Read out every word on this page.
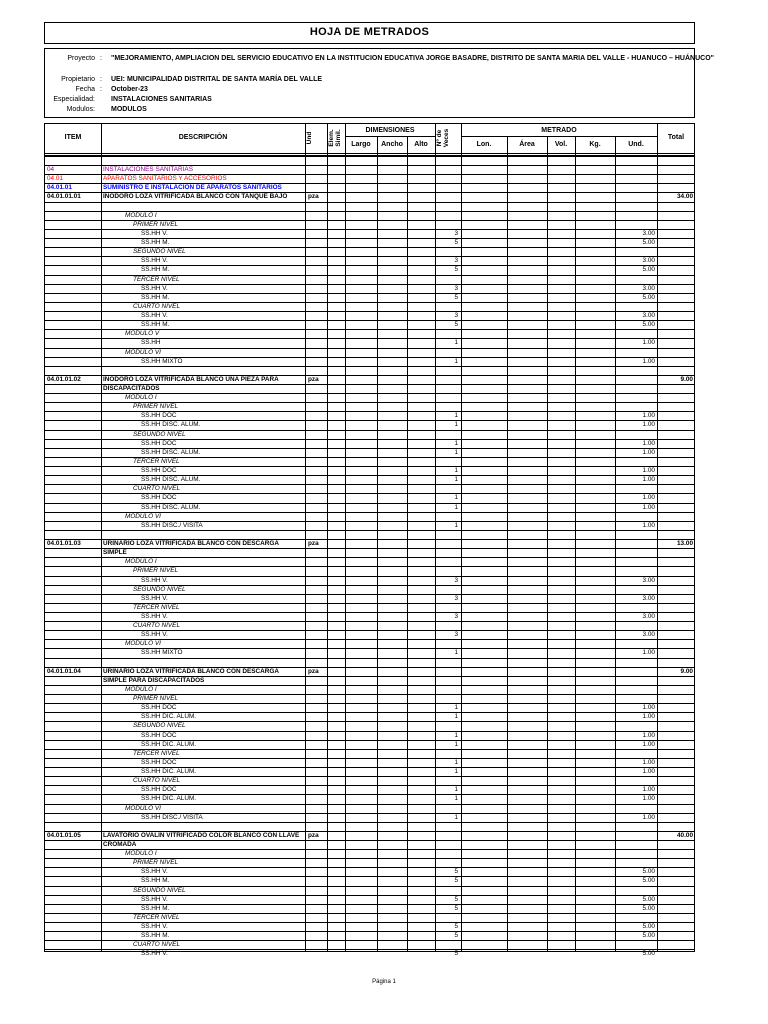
HOJA DE METRADOS
Proyecto : "MEJORAMIENTO, AMPLIACION DEL SERVICIO EDUCATIVO EN LA INSTITUCION EDUCATIVA JORGE BASADRE, DISTRITO DE SANTA MARIA DEL VALLE - HUANUCO – HUÁNUCO"
Propietario : UEI: MUNICIPALIDAD DISTRITAL DE SANTA MARÍA DEL VALLE
Fecha : October-23
Especialidad: INSTALACIONES SANITARIAS
Modulos: MODULOS
ITEM	DESCRIPCIÓN
DIMENSIONES
Largo	Ancho	Alto
METRADO
Lon.	Área	Vol.	Kg.	Und.
Total
Und	Elem. Simil.	Nº de Veces
04	INSTALACIONES SANITARIAS
04.01	APARATOS SANITARIOS Y ACCESORIOS
04.01.01	SUMINISTRO E INSTALACIÓN DE APARATOS SANITARIOS
04.01.01.01	INODORO LOZA VITRIFICADA BLANCO CON TANQUE BAJO	pza	34.00
MODULO I
PRIMER NIVEL
SS.HH V.	3	3.00
SS.HH M.	5	5.00
SEGUNDO NIVEL
SS.HH V.	3	3.00
SS.HH M.	5	5.00
TERCER NIVEL
SS.HH V.	3	3.00
SS.HH M.	5	5.00
CUARTO NIVEL
SS.HH V.	3	3.00
SS.HH M.	5	5.00
MODULO V
SS.HH	1	1.00
MODULO VI
SS.HH MIXTO	1	1.00
04.01.01.02	INODORO LOZA VITRIFICADA BLANCO UNA PIEZA PARA	pza	9.00
DISCAPACITADOS
MODULO I
PRIMER NIVEL
SS.HH DOC	1	1.00
SS.HH DISC. ALUM.	1	1.00
SEGUNDO NIVEL
SS.HH DOC	1	1.00
SS.HH DISC. ALUM.	1	1.00
TERCER NIVEL
SS.HH DOC	1	1.00
SS.HH DISC. ALUM.	1	1.00
CUARTO NIVEL
SS.HH DOC	1	1.00
SS.HH DISC. ALUM.	1	1.00
MODULO VI
SS.HH DISC./ VISITA	1	1.00
04.01.01.03	URINARIO LOZA VITRIFICADA BLANCO CON DESCARGA	pza	13.00
SIMPLE
MODULO I
PRIMER NIVEL
SS.HH V.	3	3.00
SEGUNDO NIVEL
SS.HH V.	3	3.00
TERCER NIVEL
SS.HH V.	3	3.00
CUARTO NIVEL
SS.HH V.	3	3.00
MODULO VI
SS.HH MIXTO	1	1.00
04.01.01.04	URINARIO LOZA VITRIFICADA BLANCO CON DESCARGA	pza	9.00
SIMPLE PARA DISCAPACITADOS
MODULO I
PRIMER NIVEL
SS.HH DOC	1	1.00
SS.HH DIC. ALUM.	1	1.00
SEGUNDO NIVEL
SS.HH DOC	1	1.00
SS.HH DIC. ALUM.	1	1.00
TERCER NIVEL
SS.HH DOC	1	1.00
SS.HH DIC. ALUM.	1	1.00
CUARTO NIVEL
SS.HH DOC	1	1.00
SS.HH DIC. ALUM.	1	1.00
MODULO VI
SS.HH DISC./ VISITA	1	1.00
04.01.01.05	LAVATORIO OVALIN VITRIFICADO COLOR BLANCO CON LLAVE	pza	40.00
CROMADA
MODULO I
PRIMER NIVEL
SS.HH V.	5	5.00
SS.HH M.	5	5.00
SEGUNDO NIVEL
SS.HH V.	5	5.00
SS.HH M.	5	5.00
TERCER NIVEL
SS.HH V.	5	5.00
SS.HH M.	5	5.00
CUARTO NIVEL
SS.HH V.	5	5.00
Página 1
